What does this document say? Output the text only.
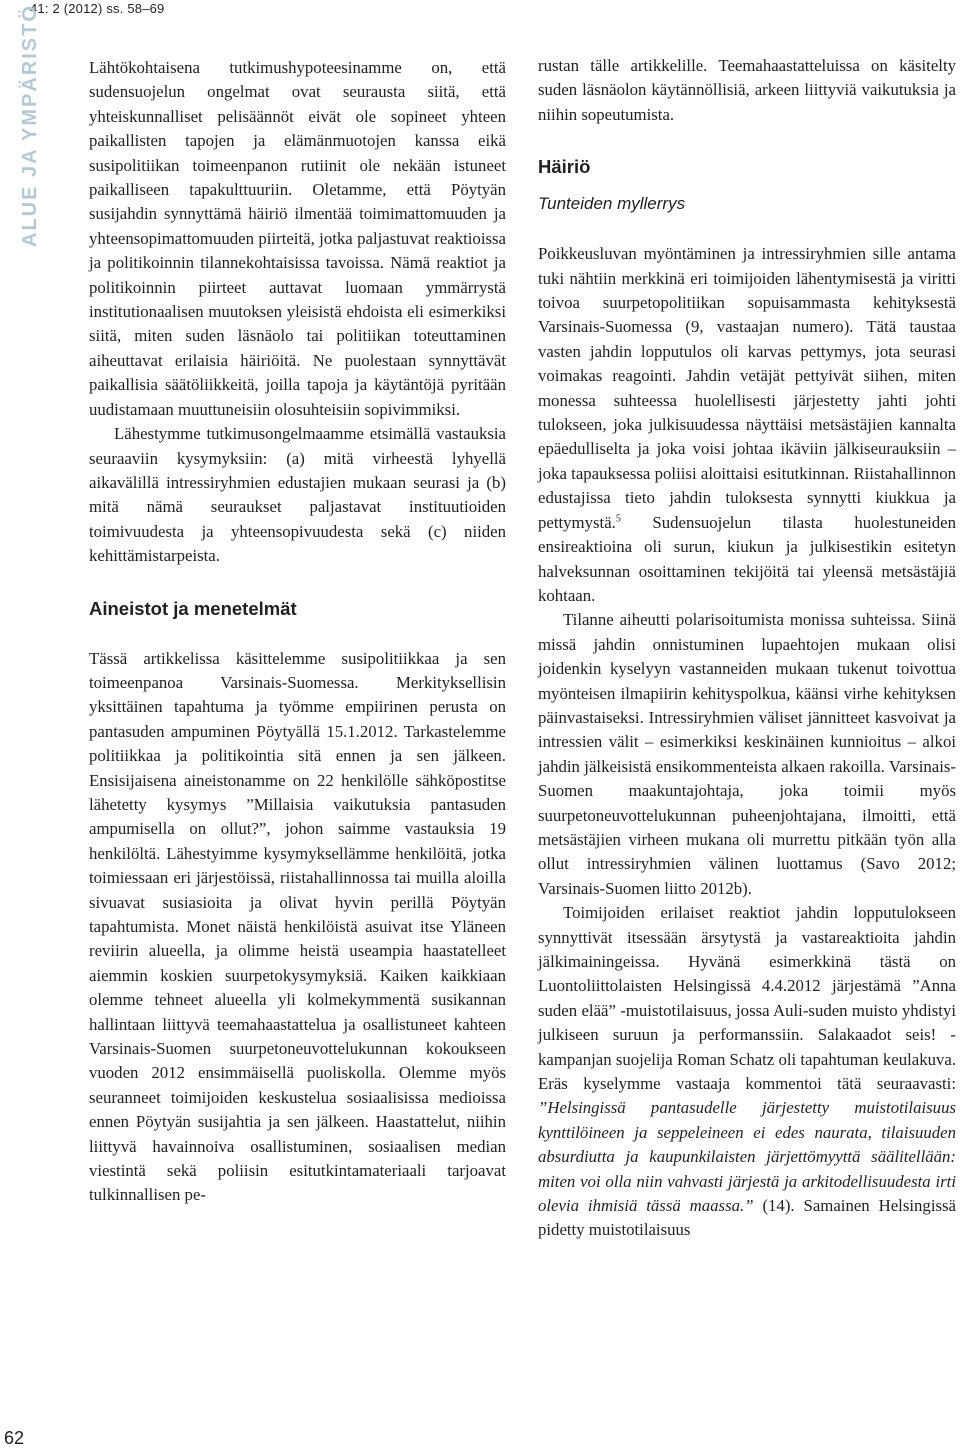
41: 2 (2012) ss. 58–69
ALUE JA YMPÄRISTÖ
62

Lähtökohtaisena tutkimushypoteesinamme on, että sudensuojelun ongelmat ovat seurausta siitä, että yhteiskunnalliset pelisäännöt eivät ole sopineet yhteen paikallisten tapojen ja elämänmuotojen kanssa eikä susipolitiikan toimeenpanon rutiinit ole nekään istuneet paikalliseen tapakulttuuriin. Oletamme, että Pöytyän susijahdin synnyttämä häiriö ilmentää toimimattomuuden ja yhteensopimattomuuden piirteitä, jotka paljastuvat reaktioissa ja politikoinnin tilannekohtaisissa tavoissa. Nämä reaktiot ja politikoinnin piirteet auttavat luomaan ymmärrystä institutionaalisen muutoksen yleisistä ehdoista eli esimerkiksi siitä, miten suden läsnäolo tai politiikan toteuttaminen aiheuttavat erilaisia häiriöitä. Ne puolestaan synnyttävät paikallisia säätöliikkeitä, joilla tapoja ja käytäntöjä pyritään uudistamaan muuttuneisiin olosuhteisiin sopivimmiksi.

Lähestymme tutkimusongelmaamme etsimällä vastauksia seuraaviin kysymyksiin: (a) mitä virheestä lyhyellä aikavälillä intressiryhmien edustajien mukaan seurasi ja (b) mitä nämä seuraukset paljastavat instituutioiden toimivuudesta ja yhteensopivuudesta sekä (c) niiden kehittämistarpeista.

Aineistot ja menetelmät

Tässä artikkelissa käsittelemme susipolitiikkaa ja sen toimeenpanoa Varsinais-Suomessa. Merkityksellisin yksittäinen tapahtuma ja työmme empiirinen perusta on pantasuden ampuminen Pöytyällä 15.1.2012. Tarkastelemme politiikkaa ja politikointia sitä ennen ja sen jälkeen. Ensisijaisena aineistonamme on 22 henkilölle sähköpostitse lähetetty kysymys ”Millaisia vaikutuksia pantasuden ampumisella on ollut?”, johon saimme vastauksia 19 henkilöltä. Lähestyimme kysymyksellämme henkilöitä, jotka toimiessaan eri järjestöissä, riistahallinnossa tai muilla aloilla sivuavat susiasioita ja olivat hyvin perillä Pöytyän tapahtumista. Monet näistä henkilöistä asuivat itse Yläneen reviirin alueella, ja olimme heistä useampia haastatelleet aiemmin koskien suurpetokysymyksiä. Kaiken kaikkiaan olemme tehneet alueella yli kolmekymmentä susikannan hallintaan liittyvä teemahaastattelua ja osallistuneet kahteen Varsinais-Suomen suurpetoneuvottelukunnan kokoukseen vuoden 2012 ensimmäisellä puoliskolla. Olemme myös seuranneet toimijoiden keskustelua sosiaalisissa medioissa ennen Pöytyän susijahtia ja sen jälkeen. Haastattelut, niihin liittyvä havainnoiva osallistuminen, sosiaalisen median viestintä sekä poliisin esitutkintamateriaali tarjoavat tulkinnallisen pe-

rustan tälle artikkelille. Teemahaastatteluissa on käsitelty suden läsnäolon käytännöllisiä, arkeen liittyviä vaikutuksia ja niihin sopeutumista.

Häiriö
Tunteiden myllerrys

Poikkeusluvan myöntäminen ja intressiryhmien sille antama tuki nähtiin merkkinä eri toimijoiden lähentymisestä ja viritti toivoa suurpetopolitiikan sopuisammasta kehityksestä Varsinais-Suomessa (9, vastaajan numero). Tätä taustaa vasten jahdin lopputulos oli karvas pettymys, jota seurasi voimakas reagointi. Jahdin vetäjät pettyivät siihen, miten monessa suhteessa huolellisesti järjestetty jahti johti tulokseen, joka julkisuudessa näyttäisi metsästäjien kannalta epäedulliselta ja joka voisi johtaa ikäviin jälkiseurauksiin – joka tapauksessa poliisi aloittaisi esitutkinnan. Riistahallinnon edustajissa tieto jahdin tuloksesta synnytti kiukkua ja pettymystä.$^5$ Sudensuojelun tilasta huolestuneiden ensireaktioina oli surun, kiukun ja julkisestikin esitetyn halveksunnan osoittaminen tekijöitä tai yleensä metsästäjiä kohtaan.

Tilanne aiheutti polarisoitumista monissa suhteissa. Siinä missä jahdin onnistuminen lupaehtojen mukaan olisi joidenkin kyselyyn vastanneiden mukaan tukenut toivottua myönteisen ilmapiirin kehityspolkua, käänsi virhe kehityksen päinvastaiseksi. Intressiryhmien väliset jännitteet kasvoivat ja intressien välit – esimerkiksi keskinäinen kunnioitus – alkoi jahdin jälkeisistä ensikommenteista alkaen rakoilla. Varsinais-Suomen maakuntajohtaja, joka toimii myös suurpetoneuvottelukunnan puheenjohtajana, ilmoitti, että metsästäjien virheen mukana oli murrettu pitkään työn alla ollut intressiryhmien välinen luottamus (Savo 2012; Varsinais-Suomen liitto 2012b).

Toimijoiden erilaiset reaktiot jahdin lopputulokseen synnyttivät itsessään ärsytystä ja vastareaktioita jahdin jälkimainingeissa. Hyvänä esimerkkinä tästä on Luontoliittolaisten Helsingissä 4.4.2012 järjestämä ”Anna suden elää” -muistotilaisuus, jossa Auli-suden muisto yhdistyi julkiseen suruun ja performanssiin. Salakaadot seis! -kampanjan suojelija Roman Schatz oli tapahtuman keulakuva. Eräs kyselymme vastaaja kommentoi tätä seuraavasti: ”Helsingissä pantasudelle järjestetty muistotilaisuus kynttilöineen ja seppeleineen ei edes naurata, tilaisuuden absurdiutta ja kaupunkilaisten järjettömyyttä säälitellään: miten voi olla niin vahvasti järjestä ja arkitodellisuudesta irti olevia ihmisiä tässä maassa.” (14). Samainen Helsingissä pidetty muistotilaisuus
